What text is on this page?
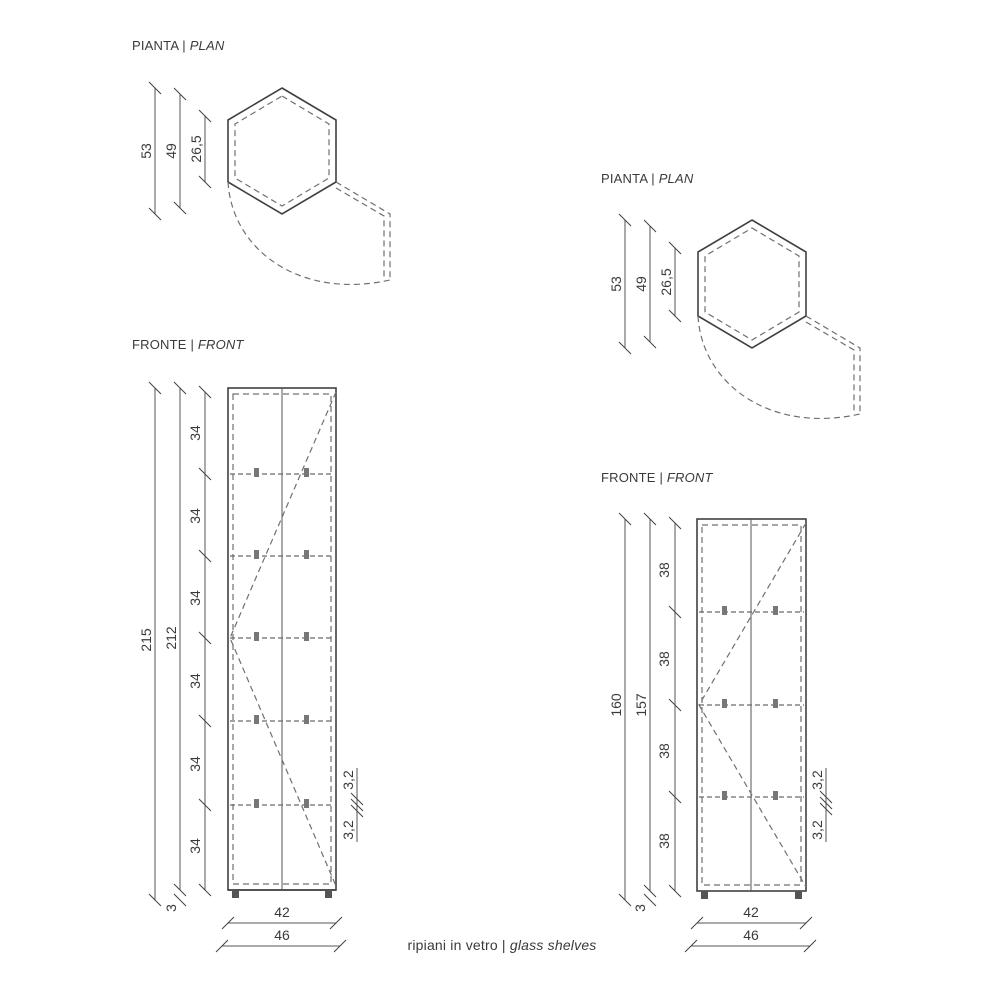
PIANTA | PLAN
53 49 26,5
FRONTE | FRONT
215 212
34
34
34
34
34
34
3
3,2
3,2
42
46
PIANTA | PLAN
53 49 26,5
FRONTE | FRONT
160 157
38
38
38
38
3
3,2
3,2
42
46
ripiani in vetro | glass shelves
